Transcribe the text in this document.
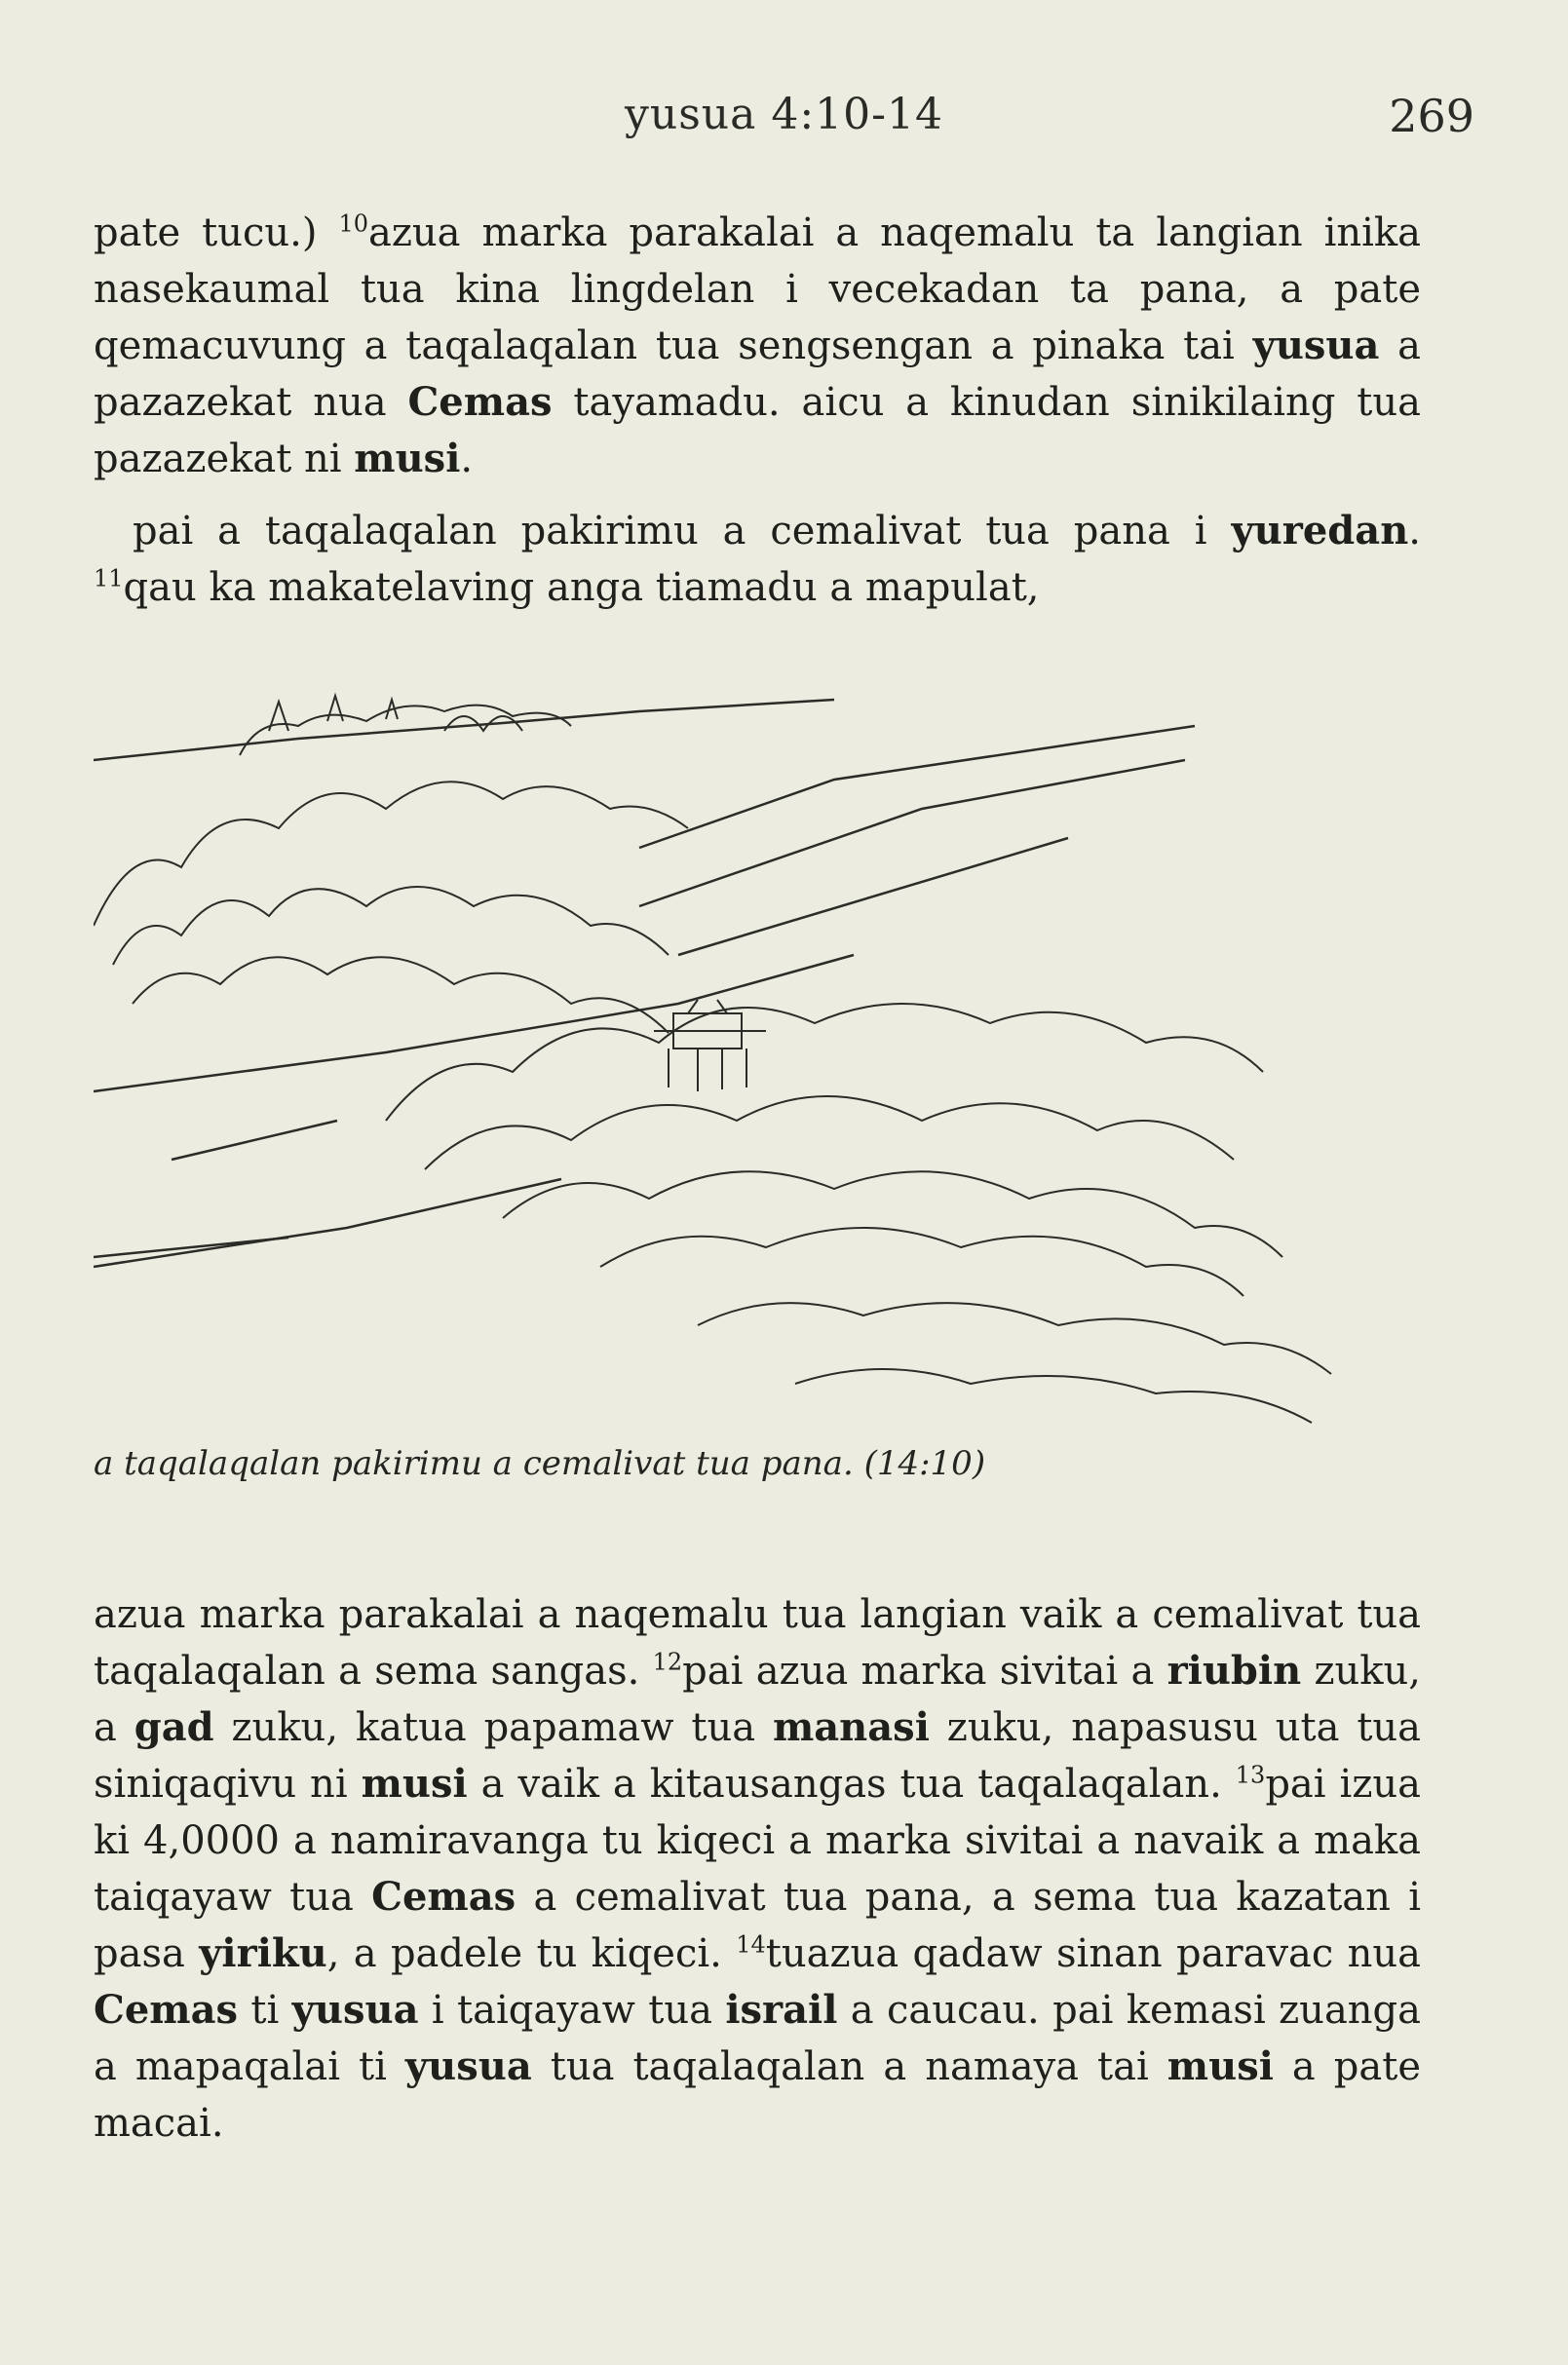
yusua 4:10-14	269

pate tucu.) $^{10}$azua marka parakalai a naqemalu ta langian inika nasekaumal tua kina lingdelan i vecekadan ta pana, a pate qemacuvung a taqalaqalan tua sengsengan a pinaka tai yusua a pazazekat nua Cemas tayamadu. aicu a kinudan sinikilaing tua pazazekat ni musi.

pai a taqalaqalan pakirimu a cemalivat tua pana i yuredan. $^{11}$qau ka makatelaving anga tiamadu a mapulat,

a taqalaqalan pakirimu a cemalivat tua pana. (14:10)

azua marka parakalai a naqemalu tua langian vaik a cemalivat tua taqalaqalan a sema sangas. $^{12}$pai azua marka sivitai a riubin zuku, a gad zuku, katua papamaw tua manasi zuku, napasusu uta tua siniqaqivu ni musi a vaik a kitausangas tua taqalaqalan. $^{13}$pai izua ki 4,0000 a namiravanga tu kiqeci a marka sivitai a navaik a maka taiqayaw tua Cemas a cemalivat tua pana, a sema tua kazatan i pasa yiriku, a padele tu kiqeci. $^{14}$tuazua qadaw sinan paravac nua Cemas ti yusua i taiqayaw tua israil a caucau. pai kemasi zuanga a mapaqalai ti yusua tua taqalaqalan a namaya tai musi a pate macai.
